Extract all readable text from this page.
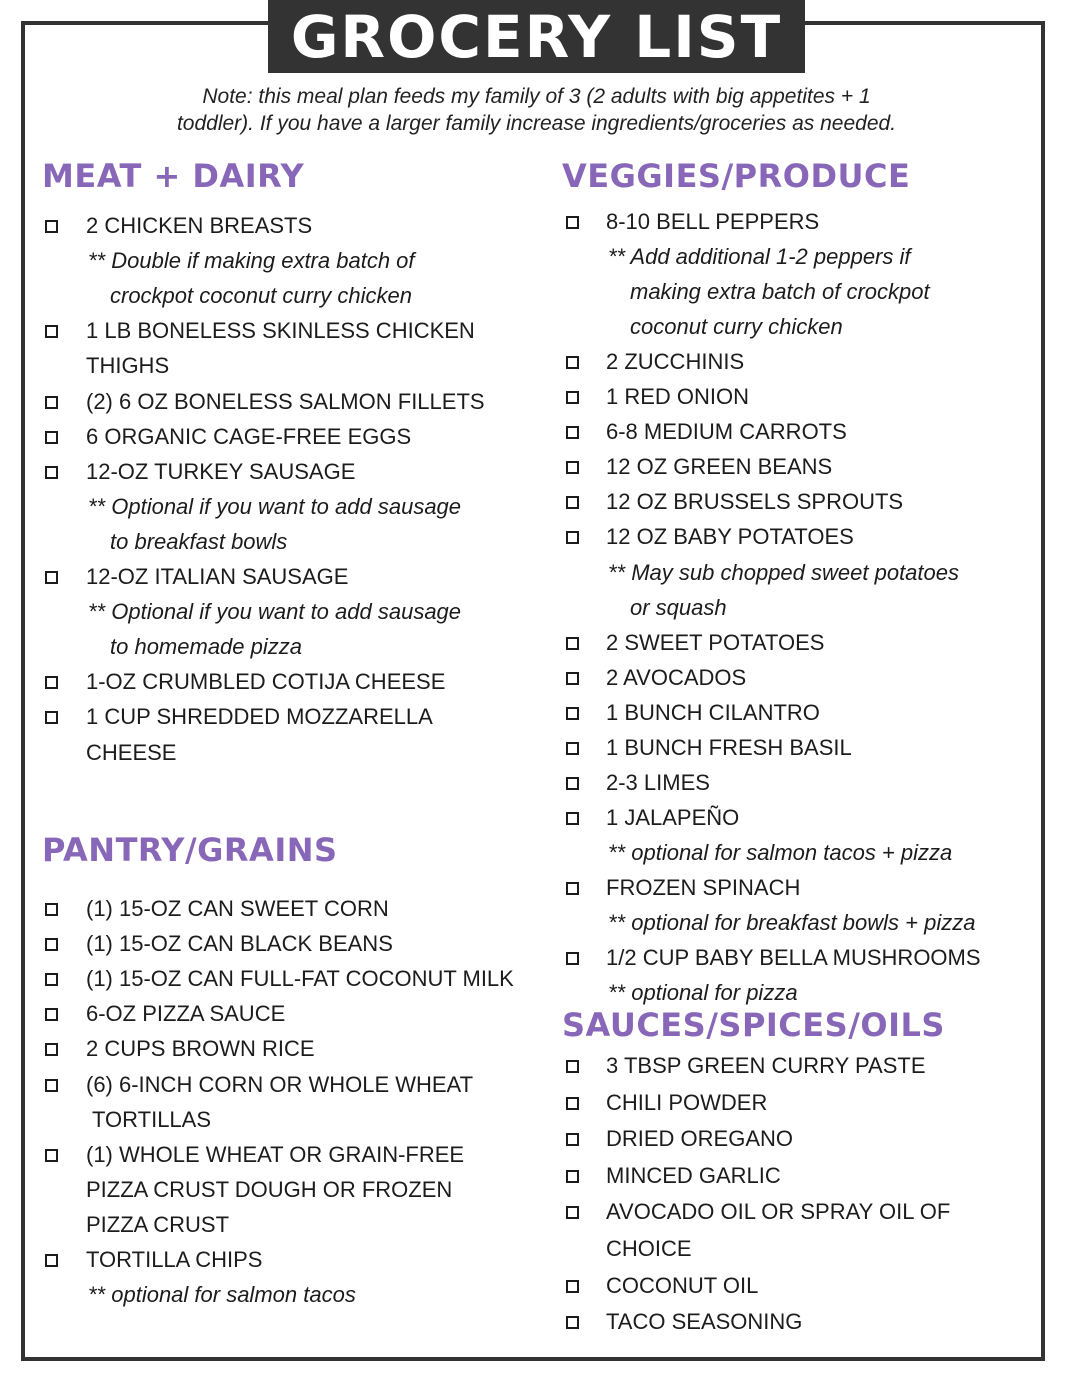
GROCERY LIST
Note: this meal plan feeds my family of 3 (2 adults with big appetites + 1
toddler). If you have a larger family increase ingredients/groceries as needed.
MEAT + DAIRY
2 CHICKEN BREASTS
** Double if making extra batch of
crockpot coconut curry chicken
1 LB BONELESS SKINLESS CHICKEN
THIGHS
(2) 6 OZ BONELESS SALMON FILLETS
6 ORGANIC CAGE-FREE EGGS
12-OZ TURKEY SAUSAGE
** Optional if you want to add sausage
to breakfast bowls
12-OZ ITALIAN SAUSAGE
** Optional if you want to add sausage
to homemade pizza
1-OZ CRUMBLED COTIJA CHEESE
1 CUP SHREDDED MOZZARELLA
CHEESE
PANTRY/GRAINS
(1) 15-OZ CAN SWEET CORN
(1) 15-OZ CAN BLACK BEANS
(1) 15-OZ CAN FULL-FAT COCONUT MILK
6-OZ PIZZA SAUCE
2 CUPS BROWN RICE
(6) 6-INCH CORN OR WHOLE WHEAT
TORTILLAS
(1) WHOLE WHEAT OR GRAIN-FREE
PIZZA CRUST DOUGH OR FROZEN
PIZZA CRUST
TORTILLA CHIPS
** optional for salmon tacos
VEGGIES/PRODUCE
8-10 BELL PEPPERS
** Add additional 1-2 peppers if
making extra batch of crockpot
coconut curry chicken
2 ZUCCHINIS
1 RED ONION
6-8 MEDIUM CARROTS
12 OZ GREEN BEANS
12 OZ BRUSSELS SPROUTS
12 OZ BABY POTATOES
** May sub chopped sweet potatoes
or squash
2 SWEET POTATOES
2 AVOCADOS
1 BUNCH CILANTRO
1 BUNCH FRESH BASIL
2-3 LIMES
1 JALAPEÑO
** optional for salmon tacos + pizza
FROZEN SPINACH
** optional for breakfast bowls + pizza
1/2 CUP BABY BELLA MUSHROOMS
** optional for pizza
SAUCES/SPICES/OILS
3 TBSP GREEN CURRY PASTE
CHILI POWDER
DRIED OREGANO
MINCED GARLIC
AVOCADO OIL OR SPRAY OIL OF
CHOICE
COCONUT OIL
TACO SEASONING
